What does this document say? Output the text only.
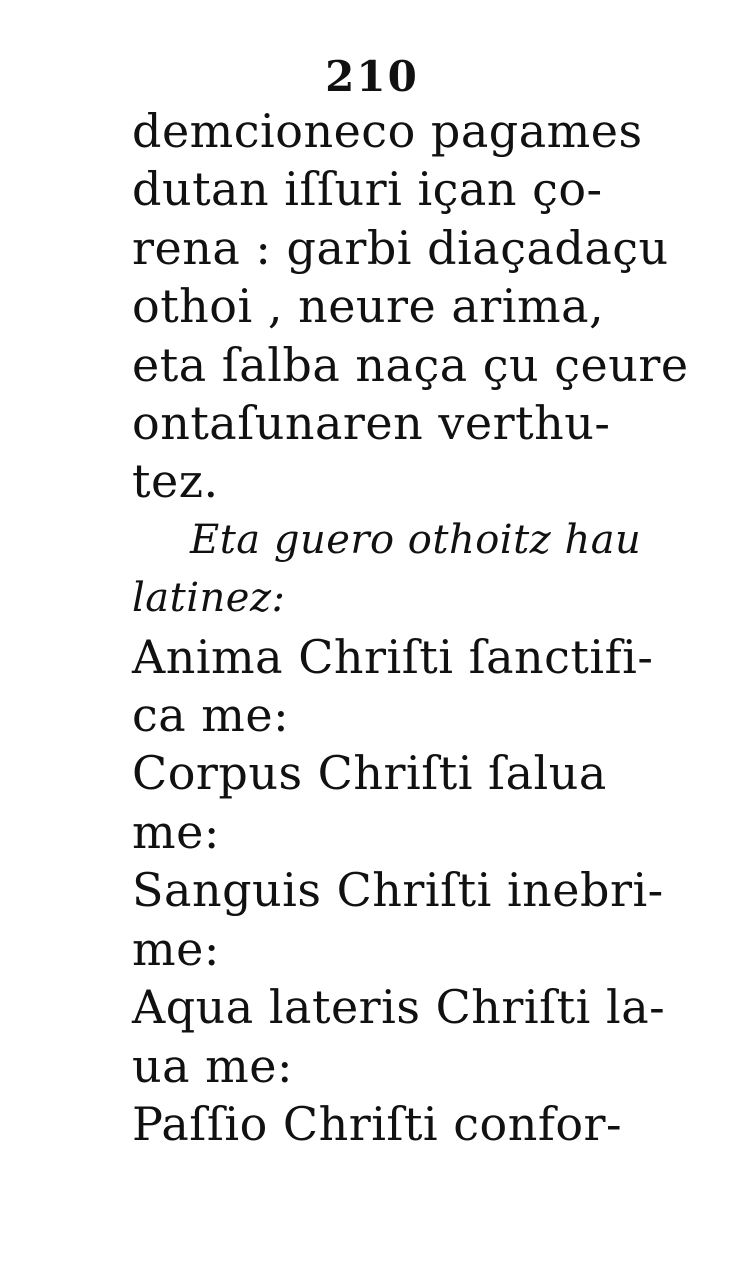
210
demcioneco pagames
dutan iſſuri içan ço-
rena : garbi diaçadaçu
othoi , neure arima,
eta ſalba naça çu çeure
ontaſunaren verthu-
tez.
Eta guero othoitz hau
latinez:
Anima Chriſti ſanctifi-
ca me:
Corpus Chriſti ſalua
me:
Sanguis Chriſti inebri-
me:
Aqua lateris Chriſti la-
ua me:
Paſſio Chriſti confor-
